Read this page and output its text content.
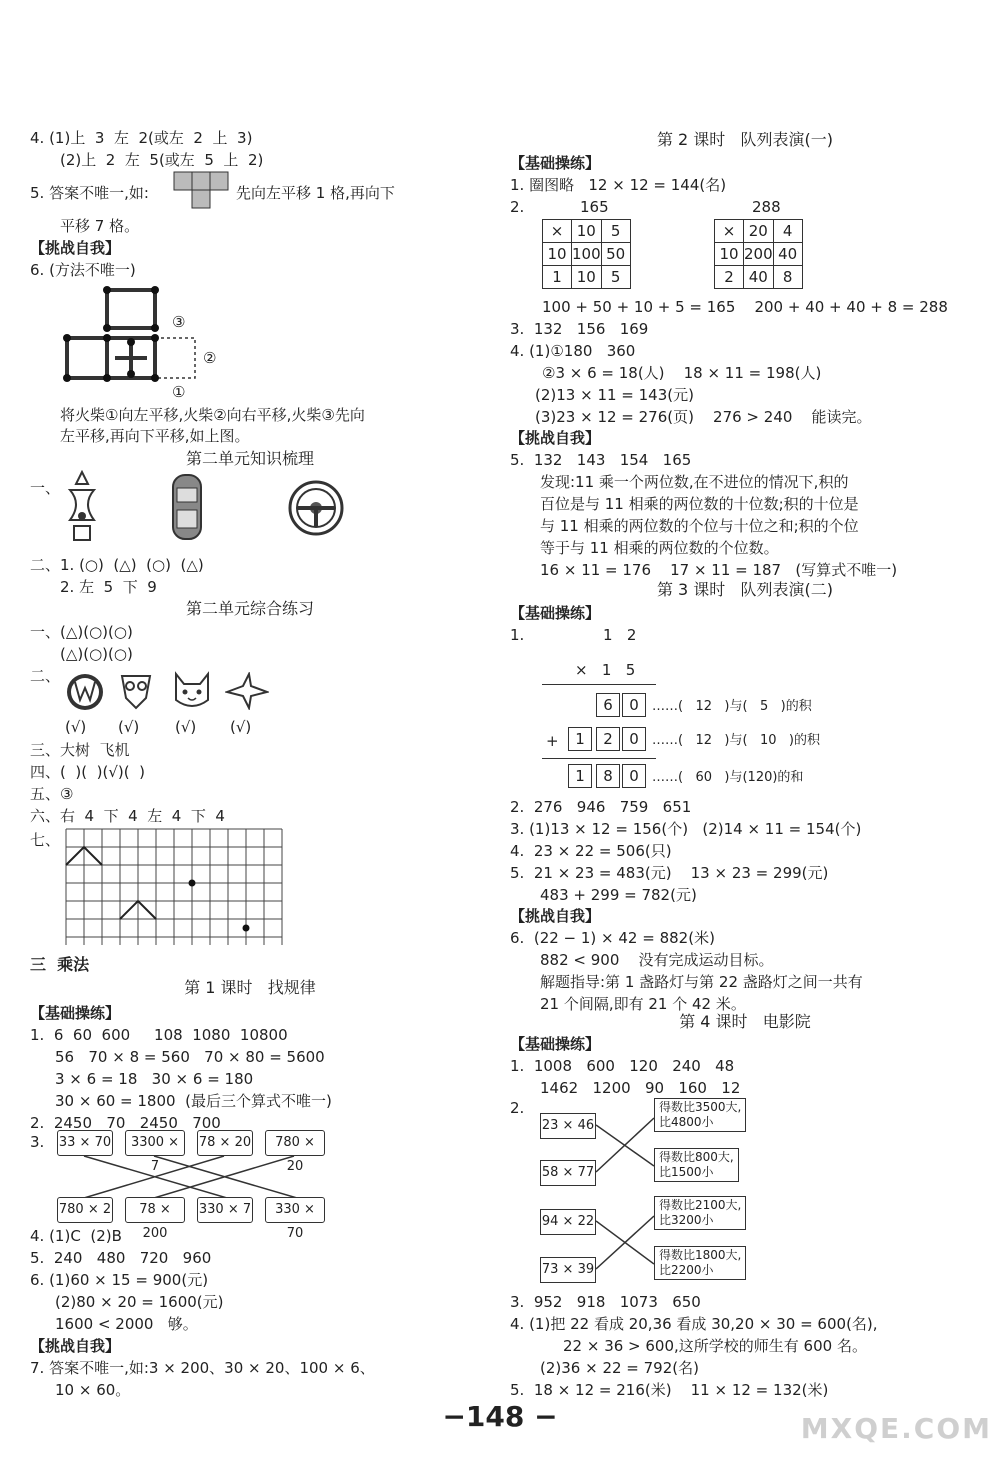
4. (1)上  3  左  2(或左  2  上  3)
(2)上  2  左  5(或左  5  上  2)
5. 答案不唯一,如:	先向左平移 1 格,再向下
平移 7 格。
【挑战自我】
6. (方法不唯一)
③
②
①
将火柴①向左平移,火柴②向右平移,火柴③先向
左平移,再向下平移,如上图。
第二单元知识梳理
一、
二、1. (○)  (△)  (○)  (△)
2. 左  5  下  9
第二单元综合练习
一、(△)(○)(○)
(△)(○)(○)
二、
(√) (√) (√) (√)
三、大树  飞机
四、(  )(  )(√)(  )
五、③
六、右  4  下  4  左  4  下  4
七、
三  乘法
第 1 课时   找规律
【基础操练】
1.  6  60  600     108  1080  10800
56   70 × 8 = 560   70 × 80 = 5600
3 × 6 = 18   30 × 6 = 180
30 × 60 = 1800  (最后三个算式不唯一)
2.  2450   70   2450   700
3. 33 × 70	3300 × 7
78 × 20	780 × 20
780 × 2	78 × 200
330 × 7	330 × 70
4. (1)C  (2)B
5.  240   480   720   960
6. (1)60 × 15 = 900(元)
(2)80 × 20 = 1600(元)
1600 < 2000   够。
【挑战自我】
7. 答案不唯一,如:3 × 200、30 × 20、100 × 6、
10 × 60。
第 2 课时   队列表演(一)
【基础操练】
1. 圈图略   12 × 12 = 144(名)
2.	165
×	10	5
10	100	50
1	10	5
288
×	20	4
10	200	40
2	40	8
100 + 50 + 10 + 5 = 165    200 + 40 + 40 + 8 = 288
3.  132   156   169
4. (1)①180   360
②3 × 6 = 18(人)    18 × 11 = 198(人)
(2)13 × 11 = 143(元)
(3)23 × 12 = 276(页)    276 > 240    能读完。
【挑战自我】
5.  132   143   154   165
发现:11 乘一个两位数,在不进位的情况下,积的
百位是与 11 相乘的两位数的十位数;积的十位是
与 11 相乘的两位数的个位与十位之和;积的个位
等于与 11 相乘的两位数的个位数。
16 × 11 = 176    17 × 11 = 187   (写算式不唯一)
第 3 课时   队列表演(二)
【基础操练】
1.	1   2
×   1   5
6	0	……(   12   )与(   5   )的积
+	1	2	0	……(   12   )与(   10   )的积
1	8	0	……(   60   )与(120)的和
2.  276   946   759   651
3. (1)13 × 12 = 156(个)   (2)14 × 11 = 154(个)
4.  23 × 22 = 506(只)
5.  21 × 23 = 483(元)    13 × 23 = 299(元)
483 + 299 = 782(元)
【挑战自我】
6.  (22 − 1) × 42 = 882(米)
882 < 900    没有完成运动目标。
解题指导:第 1 盏路灯与第 22 盏路灯之间一共有
21 个间隔,即有 21 个 42 米。
第 4 课时   电影院
【基础操练】
1.  1008   600   120   240   48
1462   1200   90   160   12
2.
23 × 46
58 × 77
得数比3500大,
比4800小
得数比800大,
比1500小
94 × 22
73 × 39
得数比2100大,
比3200小
得数比1800大,
比2200小
3.  952   918   1073   650
4. (1)把 22 看成 20,36 看成 30,20 × 30 = 600(名),
22 × 36 > 600,这所学校的师生有 600 名。
(2)36 × 22 = 792(名)
5.  18 × 12 = 216(米)    11 × 12 = 132(米)
−148 −	MXQE.COM
